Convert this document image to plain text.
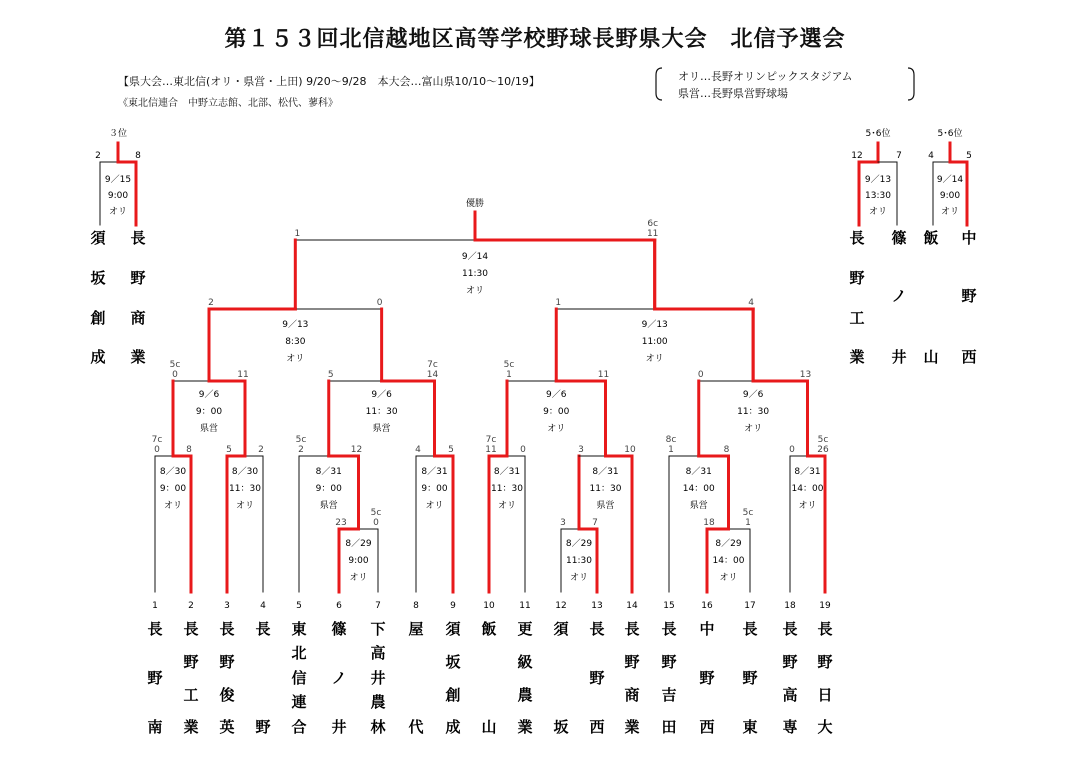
第１５３回北信越地区高等学校野球長野県大会　北信予選会
【県大会…東北信(オリ・県営・上田) 9/20～9/28　本大会…富山県10/10～10/19】
《東北信連合　中野立志館、北部、松代、蓼科》
オリ…長野オリンピックスタジアム
県営…長野県営野球場
1
長
野
南
2
長
野
工
業
3
長
野
俊
英
4
長
野
5
東
北
信
連
合
6
篠
ノ
井
7
下
高
井
農
林
8
屋
代
9
須
坂
創
成
10
飯
山
11
更
級
農
業
12
須
坂
13
長
野
西
14
長
野
商
業
15
長
野
吉
田
16
中
野
西
17
長
野
東
18
長
野
高
専
19
長
野
日
大
23	0
5c
8／29
9:00
オリ
3	7
8／29
11:30
オリ
18	1
5c
8／29
14：00
オリ
0	8
7c
8／30
9：00
オリ
5	2
8／30
11：30
オリ
2	12
5c
8／31
9：00
県営
4	5
8／31
9：00
オリ
11	0
7c
8／31
11：30
オリ
3	10
8／31
11：30
県営
1	8
8c
8／31
14：00
県営
0 26
5c
8／31
14：00
オリ
0	11
5c
9／6
9：00
県営
5	14
7c
9／6
11：30
県営
1	11
5c
9／6
9：00
オリ
0	13
9／6
11：30
オリ
2	0
9／13
8:30
オリ
1	4
9／13
11:00
オリ
1	11
6c
9／14
11:30
オリ
優勝
３位
2	8
9／15
9:00
オリ
須
坂
創
成
長
野
商
業
5･6位
12	7
9／13
13:30
オリ
長
野
工
業
篠
ノ
井
5･6位
4	5
9／14
9:00
オリ
飯
山
中
野
西
